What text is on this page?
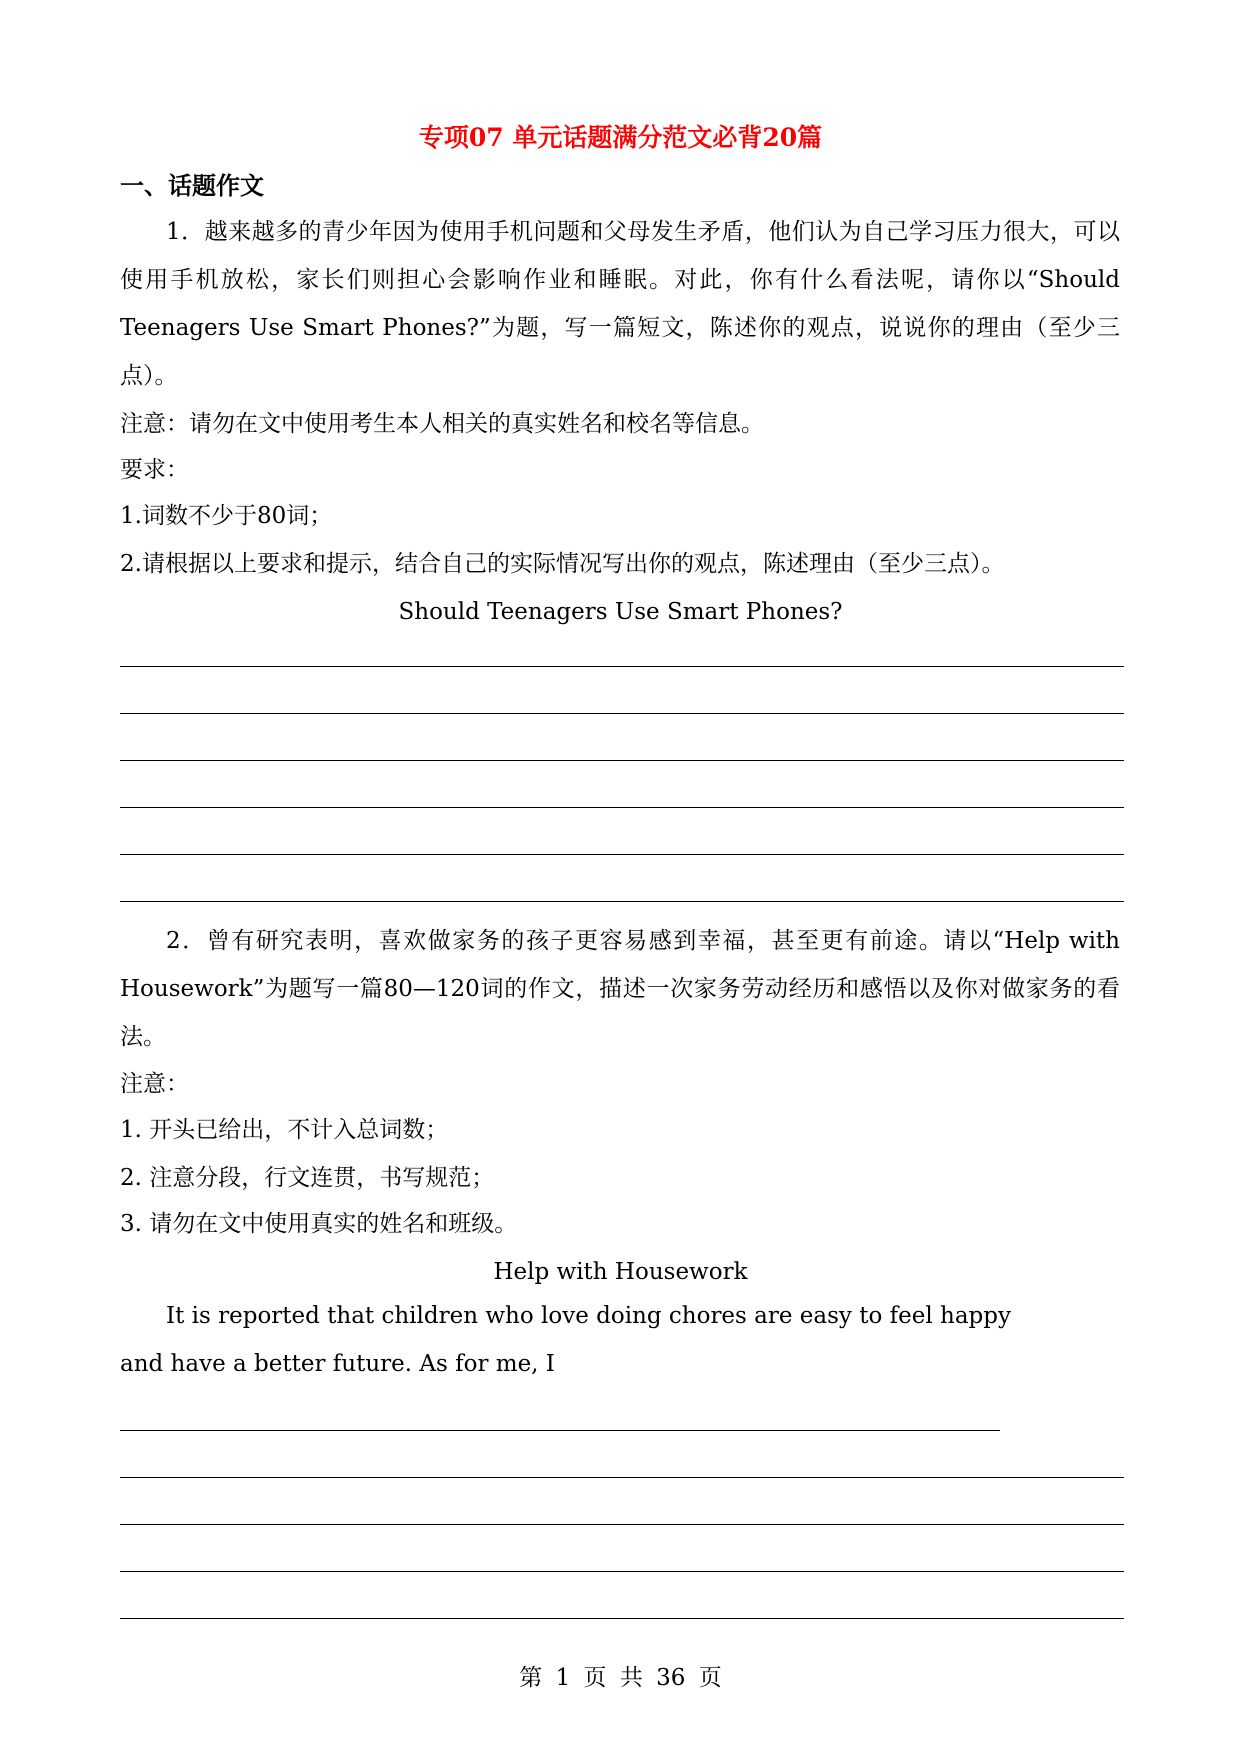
专项07 单元话题满分范文必背20篇
一、话题作文

1．越来越多的青少年因为使用手机问题和父母发生矛盾，他们认为自己学习压力很大，可以使用手机放松，家长们则担心会影响作业和睡眠。对此，你有什么看法呢，请你以“Should Teenagers Use Smart Phones?”为题，写一篇短文，陈述你的观点，说说你的理由（至少三点）。

注意：请勿在文中使用考生本人相关的真实姓名和校名等信息。

要求：

1.词数不少于80词；

2.请根据以上要求和提示，结合自己的实际情况写出你的观点，陈述理由（至少三点）。

Should Teenagers Use Smart Phones?

2．曾有研究表明，喜欢做家务的孩子更容易感到幸福，甚至更有前途。请以“Help with Housework”为题写一篇80—120词的作文，描述一次家务劳动经历和感悟以及你对做家务的看法。

注意：

1. 开头已给出，不计入总词数；

2. 注意分段，行文连贯，书写规范；

3. 请勿在文中使用真实的姓名和班级。

Help with Housework

It is reported that children who love doing chores are easy to feel happy and have a better future. As for me, I

第 1 页 共 36 页
